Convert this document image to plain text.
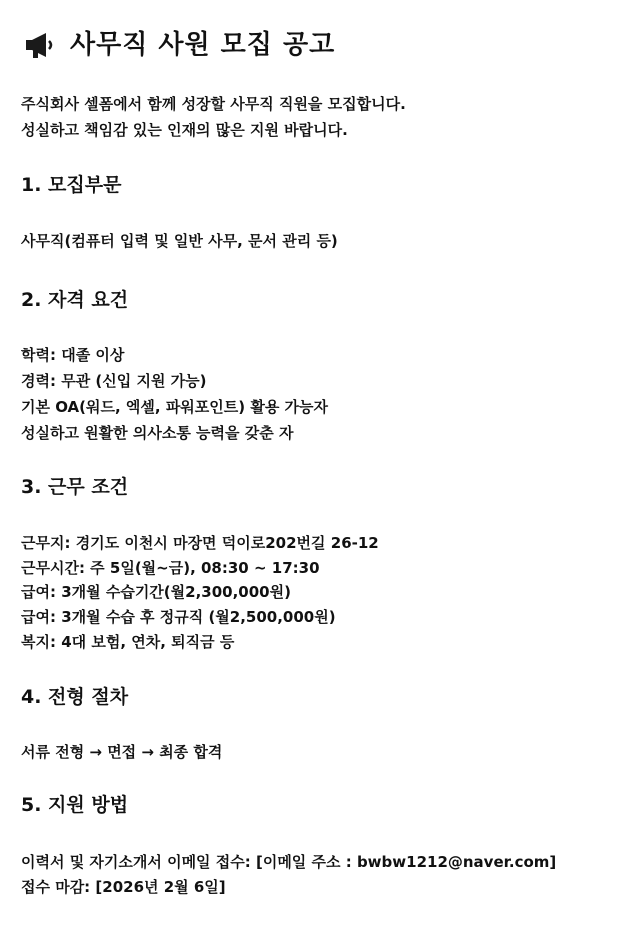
사무직 사원 모집 공고
주식회사 셀폼에서 함께 성장할 사무직 직원을 모집합니다.
성실하고 책임감 있는 인재의 많은 지원 바랍니다.
1. 모집부문
사무직(컴퓨터 입력 및 일반 사무, 문서 관리 등)
2. 자격 요건
학력: 대졸 이상
경력: 무관 (신입 지원 가능)
기본 OA(워드, 엑셀, 파워포인트) 활용 가능자
성실하고 원활한 의사소통 능력을 갖춘 자
3. 근무 조건
근무지: 경기도 이천시 마장면 덕이로202번길 26-12
근무시간: 주 5일(월~금), 08:30 ~ 17:30
급여: 3개월 수습기간(월2,300,000원)
급여: 3개월 수습 후 정규직 (월2,500,000원)
복지: 4대 보험, 연차, 퇴직금 등
4. 전형 절차
서류 전형 → 면접 → 최종 합격
5. 지원 방법
이력서 및 자기소개서 이메일 접수: [이메일 주소 : bwbw1212@naver.com]
접수 마감: [2026년 2월 6일]
